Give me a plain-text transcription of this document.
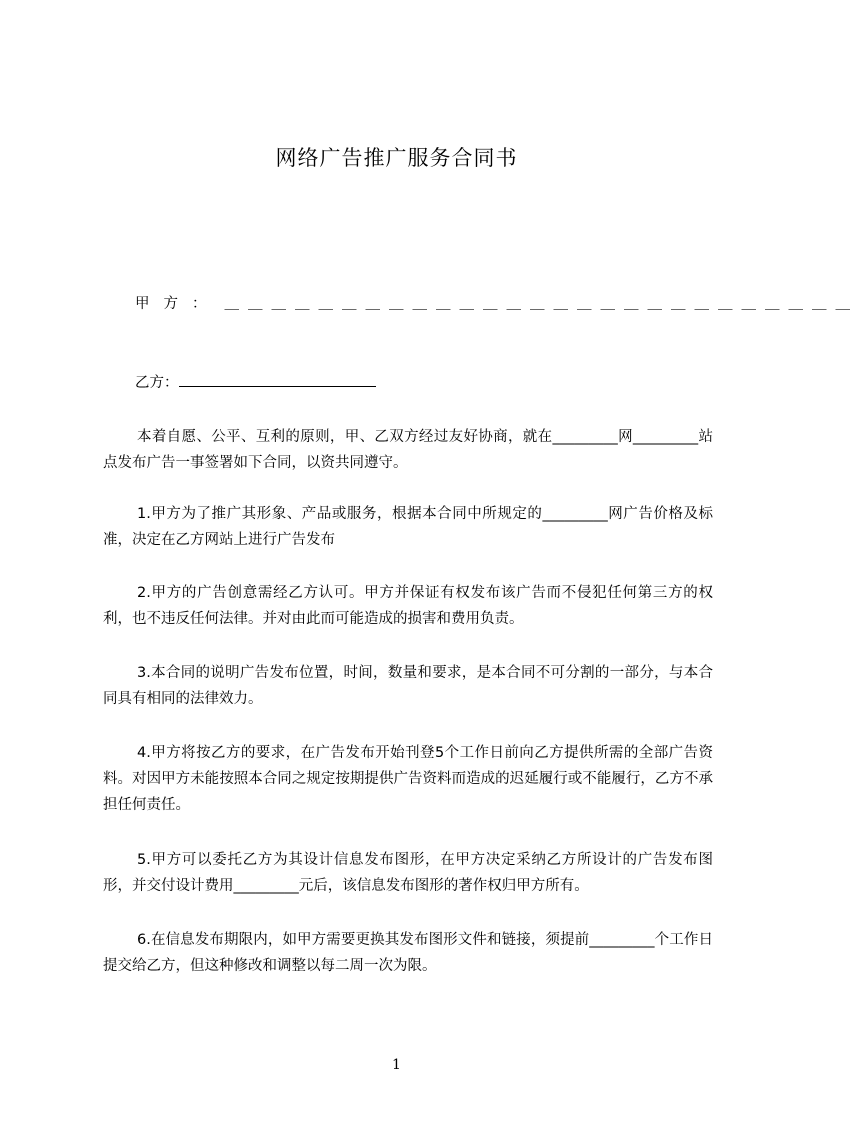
网络广告推广服务合同书
甲方： ＿＿＿＿＿＿＿＿＿＿＿＿＿＿＿＿＿＿＿＿＿＿＿＿＿＿＿
乙方：
本着自愿、公平、互利的原则，甲、乙双方经过友好协商，就在_________网_________站点发布广告一事签署如下合同，以资共同遵守。
1.甲方为了推广其形象、产品或服务，根据本合同中所规定的_________网广告价格及标准，决定在乙方网站上进行广告发布
2.甲方的广告创意需经乙方认可。甲方并保证有权发布该广告而不侵犯任何第三方的权利，也不违反任何法律。并对由此而可能造成的损害和费用负责。
3.本合同的说明广告发布位置，时间，数量和要求，是本合同不可分割的一部分，与本合同具有相同的法律效力。
4.甲方将按乙方的要求，在广告发布开始刊登5个工作日前向乙方提供所需的全部广告资料。对因甲方未能按照本合同之规定按期提供广告资料而造成的迟延履行或不能履行，乙方不承担任何责任。
5.甲方可以委托乙方为其设计信息发布图形，在甲方决定采纳乙方所设计的广告发布图形，并交付设计费用_________元后，该信息发布图形的著作权归甲方所有。
6.在信息发布期限内，如甲方需要更换其发布图形文件和链接，须提前_________个工作日提交给乙方，但这种修改和调整以每二周一次为限。
1
